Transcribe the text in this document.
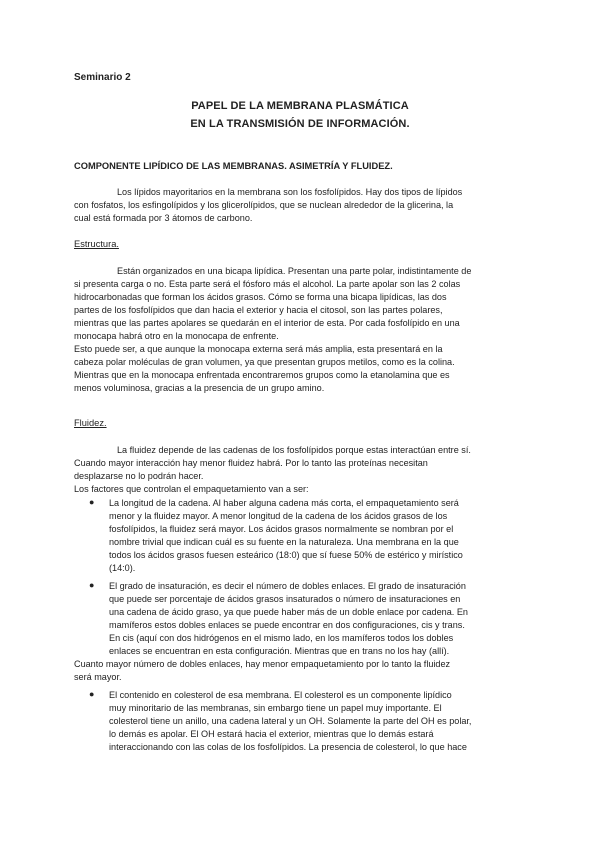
Seminario 2
PAPEL DE LA MEMBRANA PLASMÁTICA
EN LA TRANSMISIÓN DE INFORMACIÓN.
COMPONENTE LIPÍDICO DE LAS MEMBRANAS. ASIMETRÍA Y FLUIDEZ.
Los lípidos mayoritarios en la membrana son los fosfolípidos. Hay dos tipos de lípidos
con fosfatos, los esfingolípidos y los glicerolípidos, que se nuclean alrededor de la glicerina, la
cual está formada por 3 átomos de carbono.
Estructura.
Están organizados en una bicapa lipídica. Presentan una parte polar, indistintamente de
si presenta carga o no. Esta parte será el fósforo más el alcohol. La parte apolar son las 2 colas
hidrocarbonadas que forman los ácidos grasos. Cómo se forma una bicapa lipídicas, las dos
partes de los fosfolípidos que dan hacia el exterior y hacia el citosol, son las partes polares,
mientras que las partes apolares se quedarán en el interior de esta. Por cada fosfolípido en una
monocapa habrá otro en la monocapa de enfrente.
Esto puede ser, a que aunque la monocapa externa será más amplia, esta presentará en la
cabeza polar moléculas de gran volumen, ya que presentan grupos metilos, como es la colina.
Mientras que en la monocapa enfrentada encontraremos grupos como la etanolamina que es
menos voluminosa, gracias a la presencia de un grupo amino.
Fluidez.
La fluidez depende de las cadenas de los fosfolípidos porque estas interactúan entre sí.
Cuando mayor interacción hay menor fluidez habrá. Por lo tanto las proteínas necesitan
desplazarse no lo podrán hacer.
Los factores que controlan el empaquetamiento van a ser:
● La longitud de la cadena. Al haber alguna cadena más corta, el empaquetamiento será
menor y la fluidez mayor. A menor longitud de la cadena de los ácidos grasos de los
fosfolípidos, la fluidez será mayor. Los ácidos grasos normalmente se nombran por el
nombre trivial que indican cuál es su fuente en la naturaleza. Una membrana en la que
todos los ácidos grasos fuesen esteárico (18:0) que sí fuese 50% de estérico y mirístico
(14:0).
● El grado de insaturación, es decir el número de dobles enlaces. El grado de insaturación
que puede ser porcentaje de ácidos grasos insaturados o número de insaturaciones en
una cadena de ácido graso, ya que puede haber más de un doble enlace por cadena. En
mamíferos estos dobles enlaces se puede encontrar en dos configuraciones, cis y trans.
En cis (aquí con dos hidrógenos en el mismo lado, en los mamíferos todos los dobles
enlaces se encuentran en esta configuración. Mientras que en trans no los hay (allí).
Cuanto mayor número de dobles enlaces, hay menor empaquetamiento por lo tanto la fluidez
será mayor.
● El contenido en colesterol de esa membrana. El colesterol es un componente lipídico
muy minoritario de las membranas, sin embargo tiene un papel muy importante. El
colesterol tiene un anillo, una cadena lateral y un OH. Solamente la parte del OH es polar,
lo demás es apolar. El OH estará hacia el exterior, mientras que lo demás estará
interaccionando con las colas de los fosfolípidos. La presencia de colesterol, lo que hace
